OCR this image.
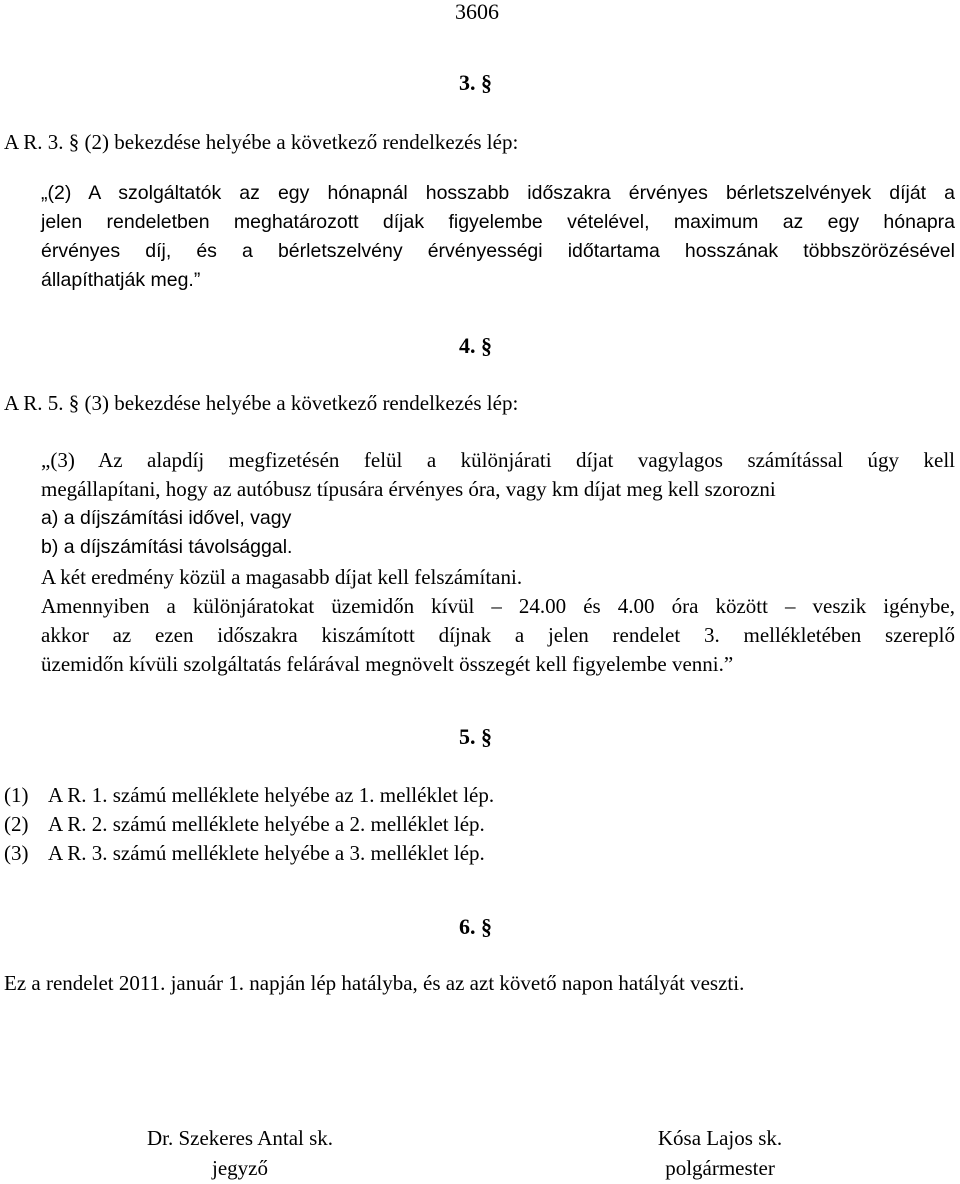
3606
3. §
A R. 3. § (2) bekezdése helyébe a következő rendelkezés lép:
„(2) A szolgáltatók az egy hónapnál hosszabb időszakra érvényes bérletszelvények díját a
jelen rendeletben meghatározott díjak figyelembe vételével, maximum az egy hónapra
érvényes díj, és a bérletszelvény érvényességi időtartama hosszának többszörözésével
állapíthatják meg.”
4. §
A R. 5. § (3) bekezdése helyébe a következő rendelkezés lép:
„(3) Az alapdíj megfizetésén felül a különjárati díjat vagylagos számítással úgy kell
megállapítani, hogy az autóbusz típusára érvényes óra, vagy km díjat meg kell szorozni
a) a díjszámítási idővel, vagy
b) a díjszámítási távolsággal.
A két eredmény közül a magasabb díjat kell felszámítani.
Amennyiben a különjáratokat üzemidőn kívül – 24.00 és 4.00 óra között – veszik igénybe,
akkor az ezen időszakra kiszámított díjnak a jelen rendelet 3. mellékletében szereplő
üzemidőn kívüli szolgáltatás felárával megnövelt összegét kell figyelembe venni.”
5. §
(1) A R. 1. számú melléklete helyébe az 1. melléklet lép.
(2) A R. 2. számú melléklete helyébe a 2. melléklet lép.
(3) A R. 3. számú melléklete helyébe a 3. melléklet lép.
6. §
Ez a rendelet 2011. január 1. napján lép hatályba, és az azt követő napon hatályát veszti.
Dr. Szekeres Antal sk.
jegyző
Kósa Lajos sk.
polgármester
